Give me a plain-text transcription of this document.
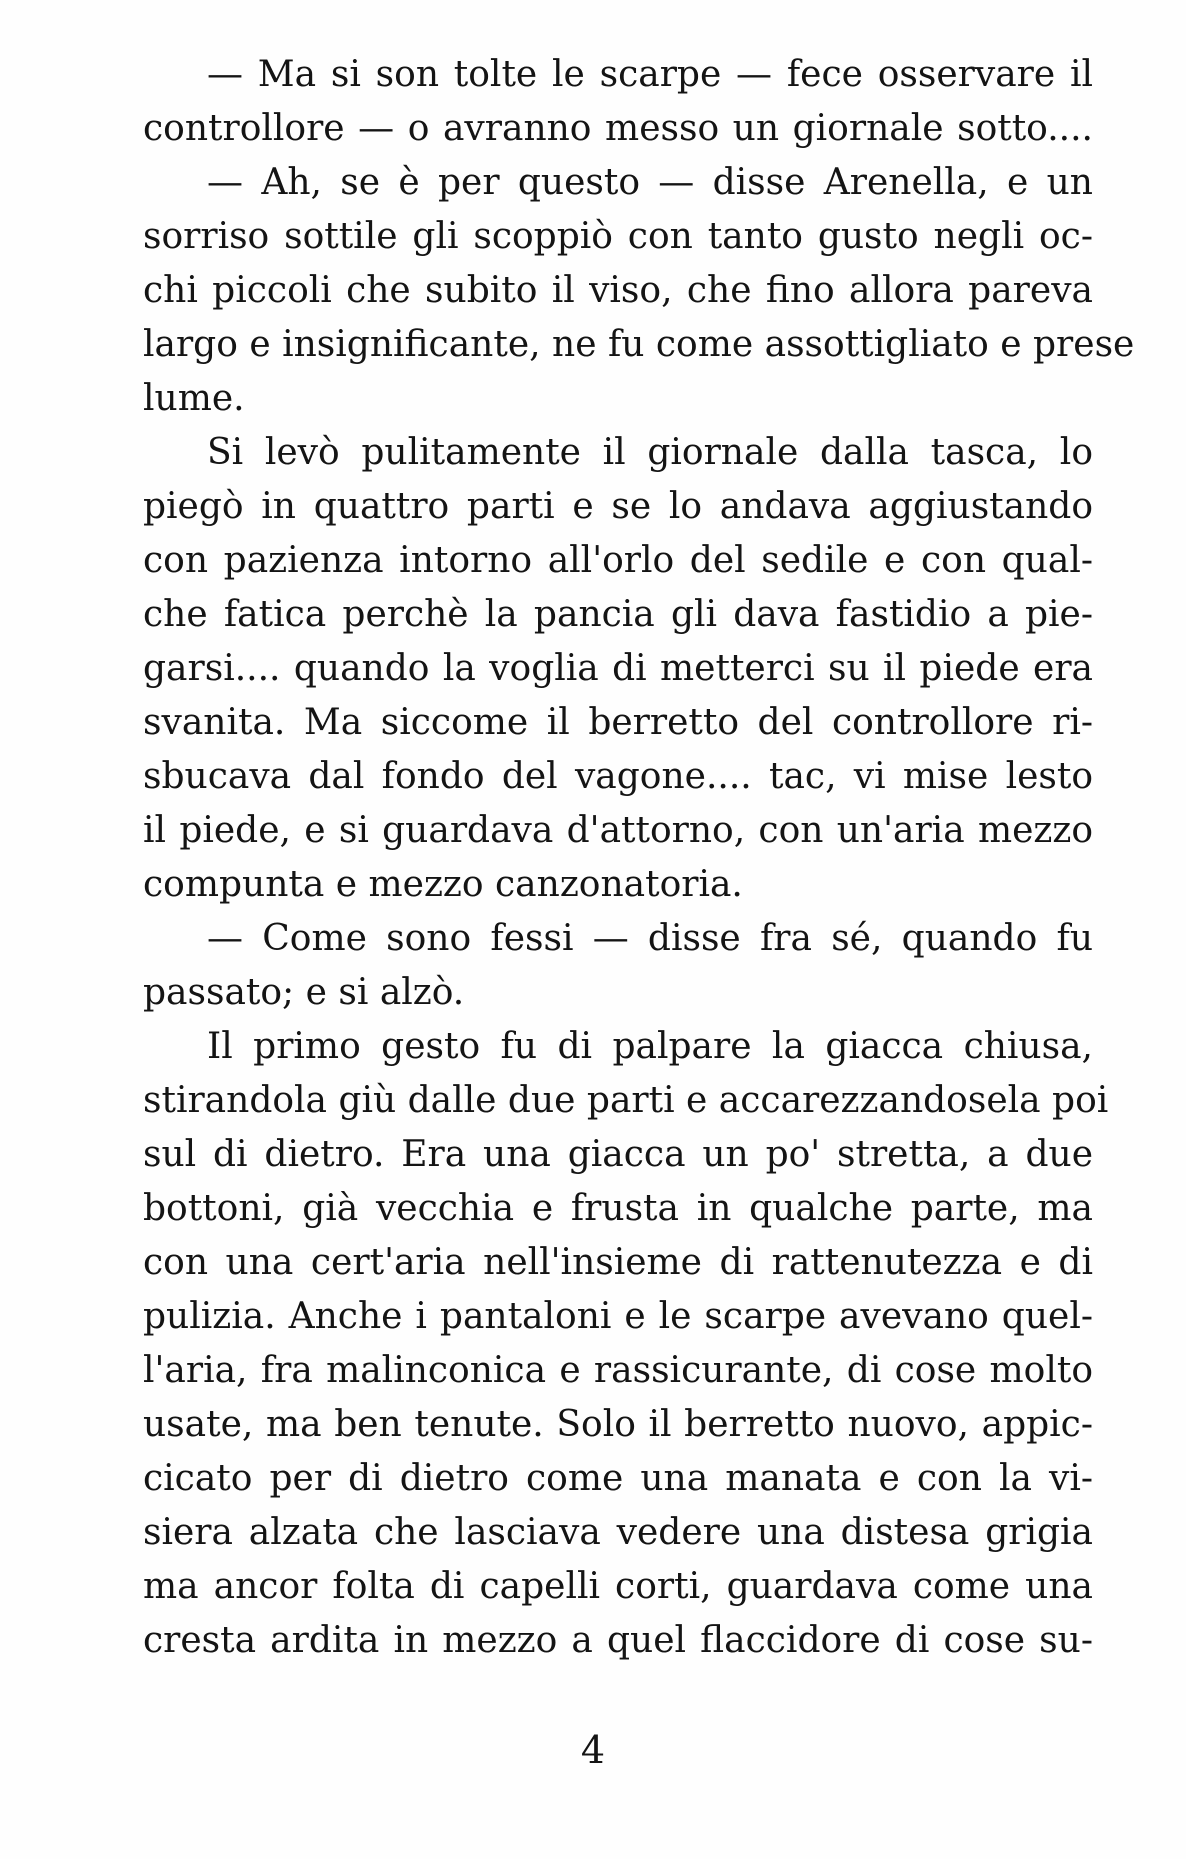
— Ma si son tolte le scarpe — fece osservare il
controllore — o avranno messo un giornale sotto....
— Ah, se è per questo — disse Arenella, e un
sorriso sottile gli scoppiò con tanto gusto negli oc-
chi piccoli che subito il viso, che fino allora pareva
largo e insignificante, ne fu come assottigliato e prese
lume.
Si levò pulitamente il giornale dalla tasca, lo
piegò in quattro parti e se lo andava aggiustando
con pazienza intorno all'orlo del sedile e con qual-
che fatica perchè la pancia gli dava fastidio a pie-
garsi.... quando la voglia di metterci su il piede era
svanita. Ma siccome il berretto del controllore ri-
sbucava dal fondo del vagone.... tac, vi mise lesto
il piede, e si guardava d'attorno, con un'aria mezzo
compunta e mezzo canzonatoria.
— Come sono fessi — disse fra sé, quando fu
passato; e si alzò.
Il primo gesto fu di palpare la giacca chiusa,
stirandola giù dalle due parti e accarezzandosela poi
sul di dietro. Era una giacca un po' stretta, a due
bottoni, già vecchia e frusta in qualche parte, ma
con una cert'aria nell'insieme di rattenutezza e di
pulizia. Anche i pantaloni e le scarpe avevano quel-
l'aria, fra malinconica e rassicurante, di cose molto
usate, ma ben tenute. Solo il berretto nuovo, appic-
cicato per di dietro come una manata e con la vi-
siera alzata che lasciava vedere una distesa grigia
ma ancor folta di capelli corti, guardava come una
cresta ardita in mezzo a quel flaccidore di cose su-
4
